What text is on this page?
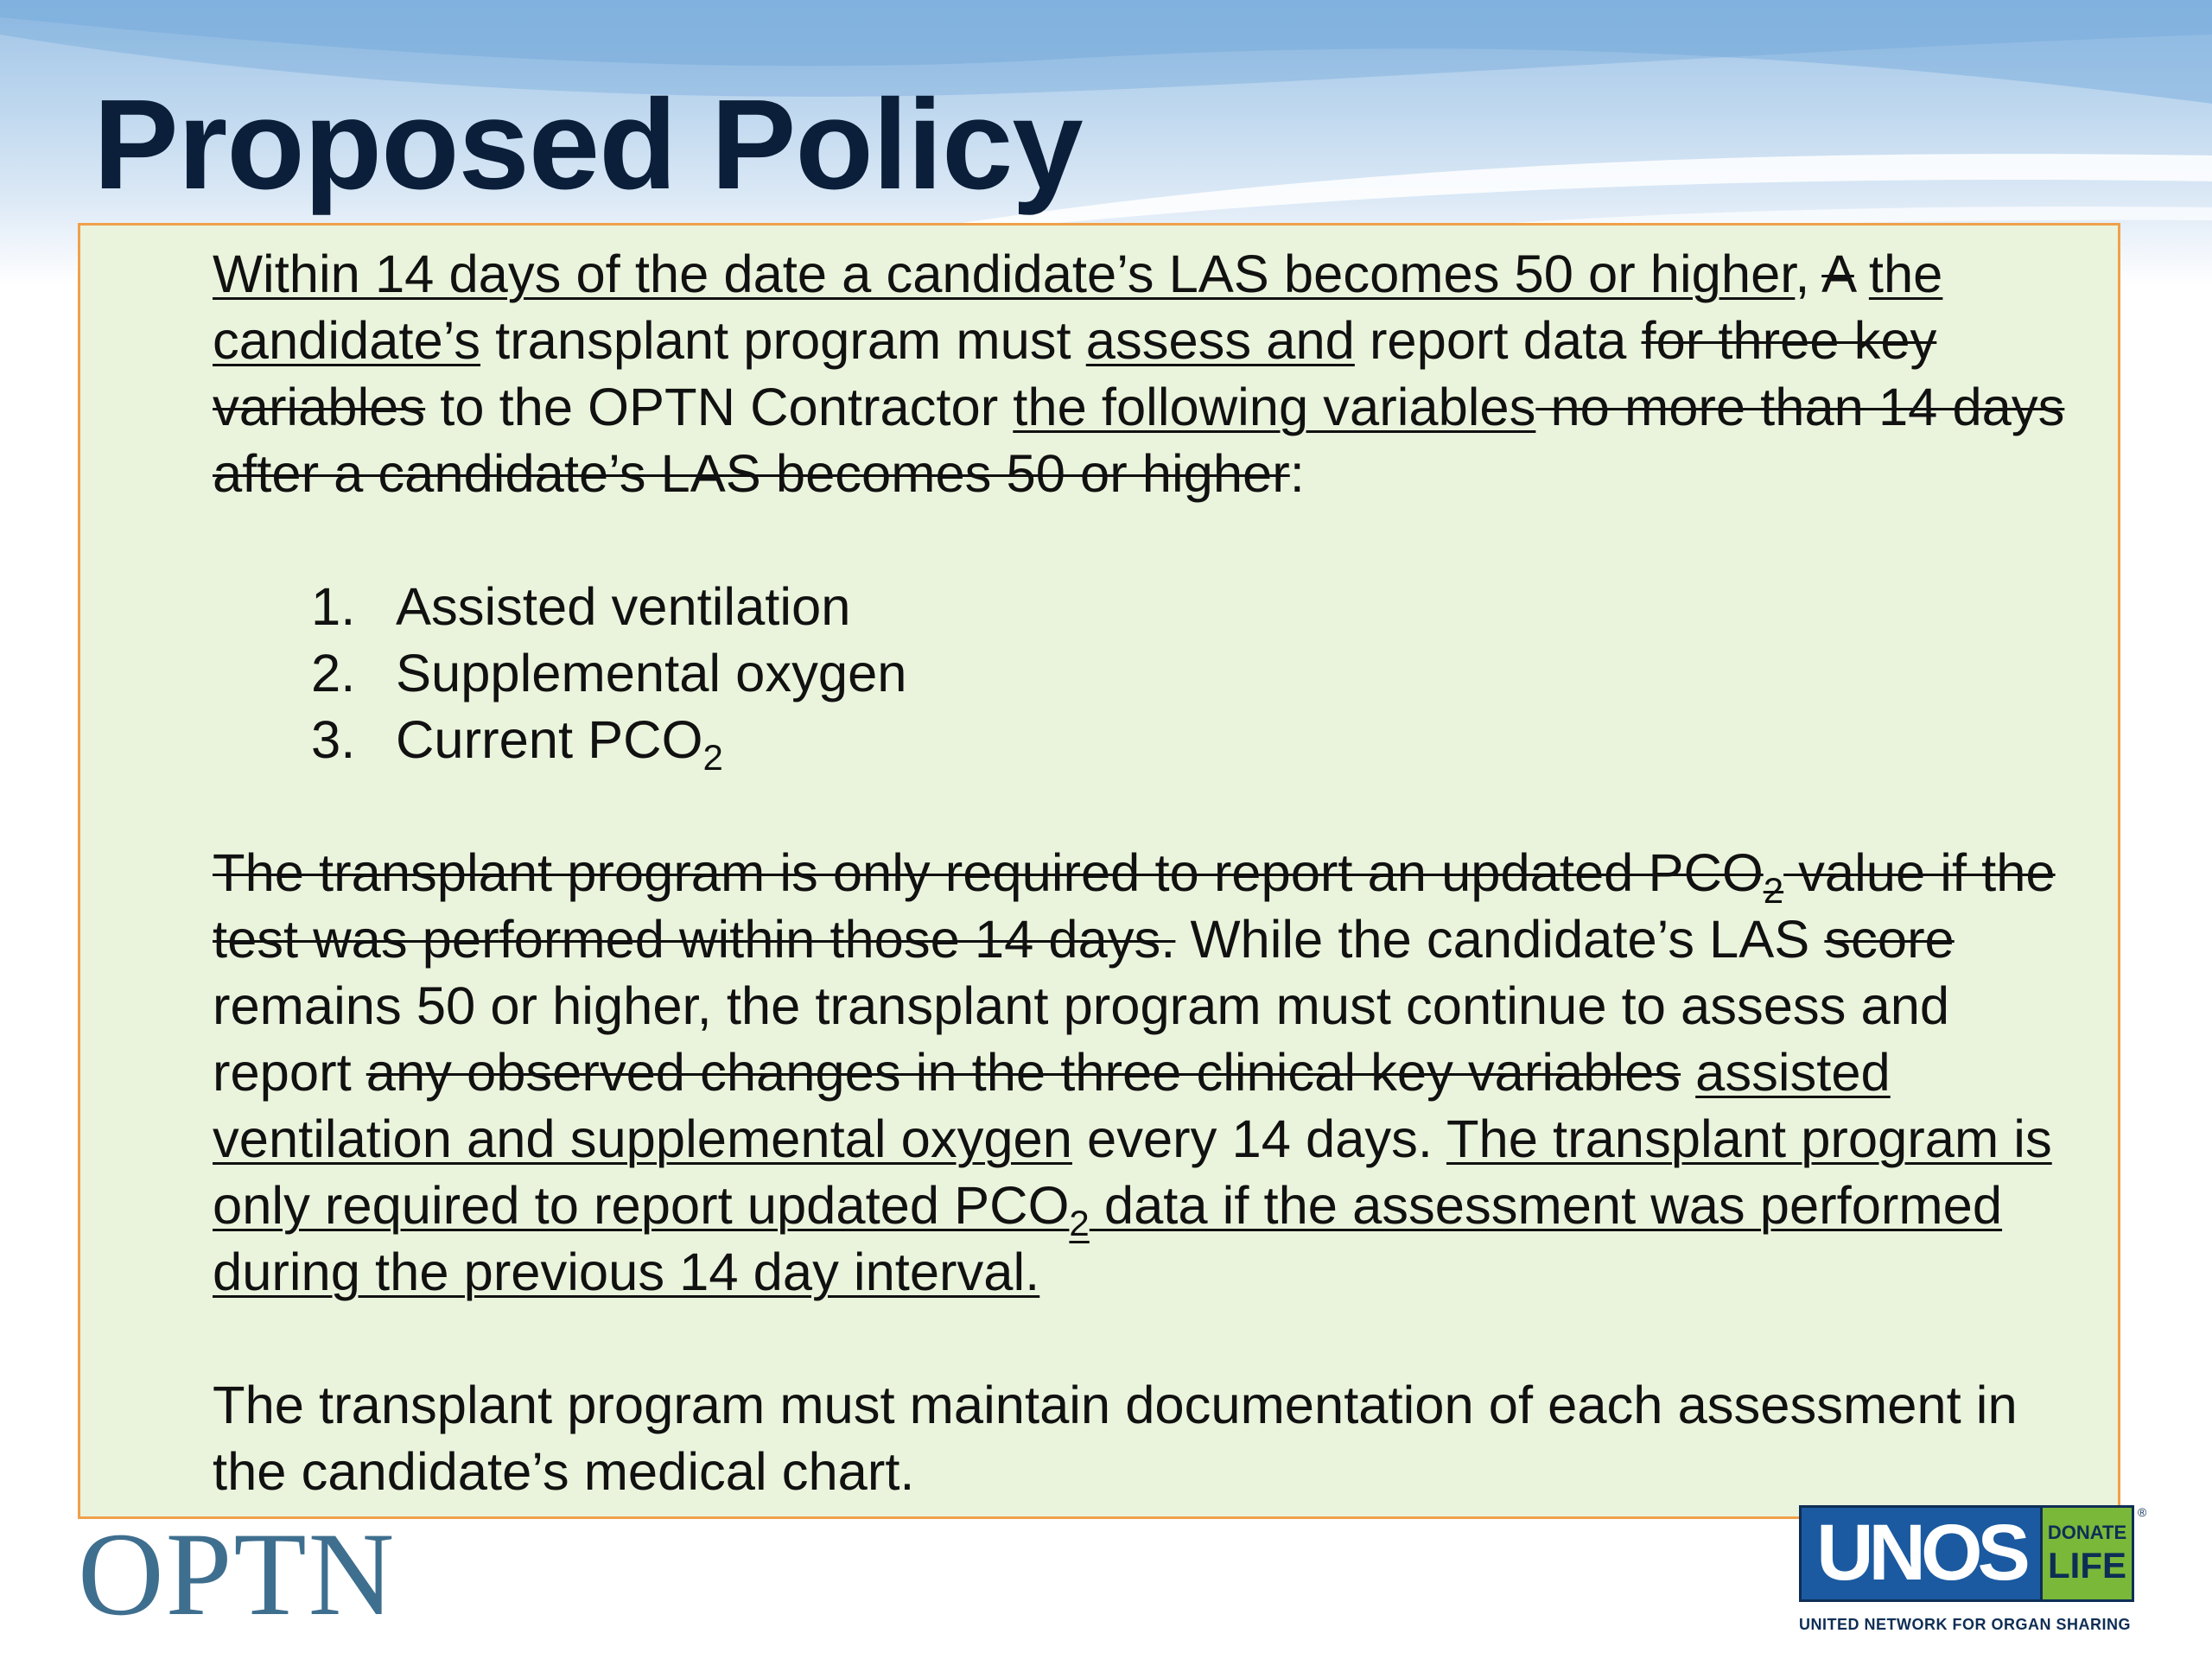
Proposed Policy

Within 14 days of the date a candidate’s LAS becomes 50 or higher, A the candidate’s transplant program must assess and report data for three key variables to the OPTN Contractor the following variables no more than 14 days after a candidate’s LAS becomes 50 or higher:

1. Assisted ventilation
2. Supplemental oxygen
3. Current $PCO_2$

The transplant program is only required to report an updated $PCO_2$ value if the test was performed within those 14 days. While the candidate’s LAS score remains 50 or higher, the transplant program must continue to assess and report any observed changes in the three clinical key variables assisted ventilation and supplemental oxygen every 14 days. The transplant program is only required to report updated $PCO_2$ data if the assessment was performed during the previous 14 day interval.

The transplant program must maintain documentation of each assessment in the candidate’s medical chart.

OPTN	UNOS	DONATE
LIFE
®
UNITED NETWORK FOR ORGAN SHARING
